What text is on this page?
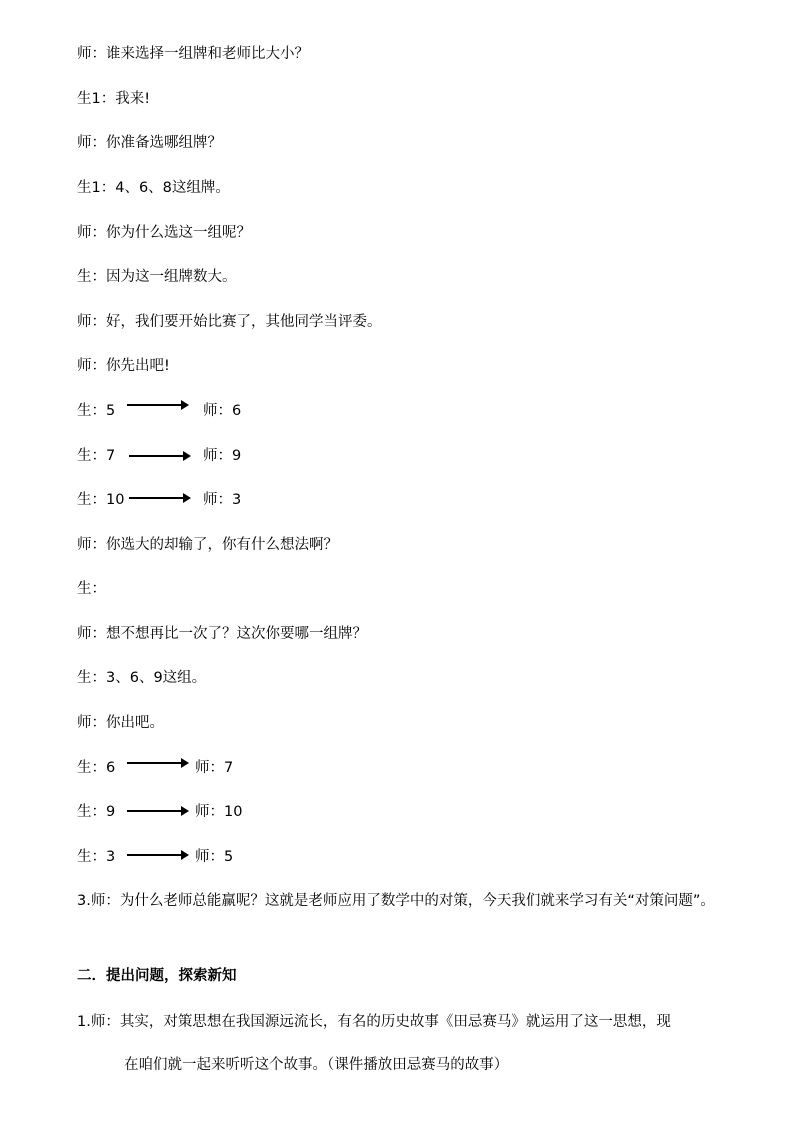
师：谁来选择一组牌和老师比大小？
生1：我来!
师：你准备选哪组牌？
生1：4、6、8这组牌。
师：你为什么选这一组呢？
生：因为这一组牌数大。
师：好，我们要开始比赛了，其他同学当评委。
师：你先出吧!
生：5	师：6
生：7	师：9
生：10	师：3
师：你选大的却输了，你有什么想法啊？
生：
师：想不想再比一次了？这次你要哪一组牌？
生：3、6、9这组。
师：你出吧。
生：6	师：7
生：9	师：10
生：3	师：5
3.师：为什么老师总能赢呢？这就是老师应用了数学中的对策，今天我们就来学习有关“对策问题”。
二．提出问题，探索新知
1.师：其实，对策思想在我国源远流长，有名的历史故事《田忌赛马》就运用了这一思想，现
在咱们就一起来听听这个故事。（课件播放田忌赛马的故事）
